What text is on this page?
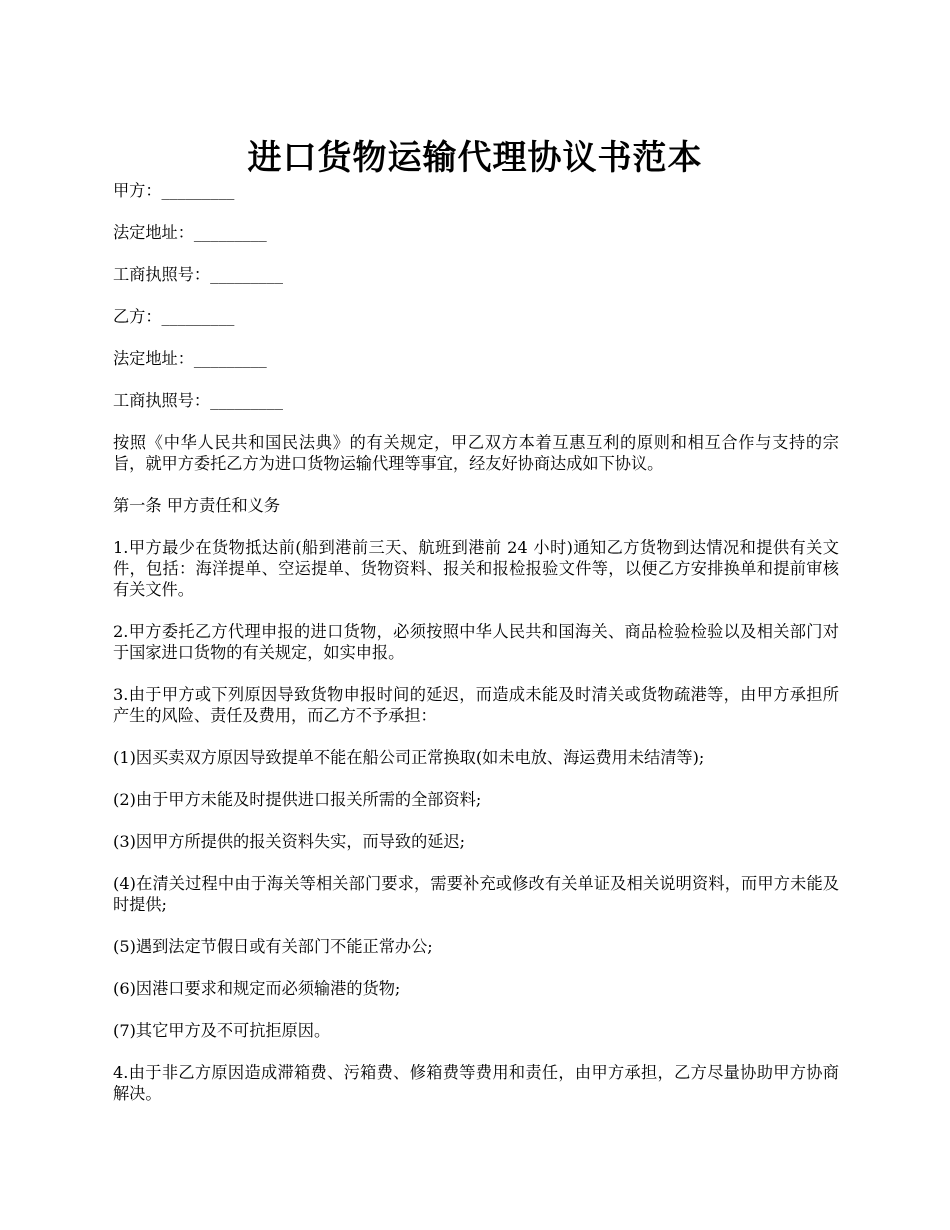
进口货物运输代理协议书范本

甲方：_________

法定地址：_________

工商执照号：_________

乙方：_________

法定地址：_________

工商执照号：_________

按照《中华人民共和国民法典》的有关规定，甲乙双方本着互惠互利的原则和相互合作与支持的宗旨，就甲方委托乙方为进口货物运输代理等事宜，经友好协商达成如下协议。

第一条 甲方责任和义务

1.甲方最少在货物抵达前(船到港前三天、航班到港前 24 小时)通知乙方货物到达情况和提供有关文件，包括：海洋提单、空运提单、货物资料、报关和报检报验文件等，以便乙方安排换单和提前审核有关文件。

2.甲方委托乙方代理申报的进口货物，必须按照中华人民共和国海关、商品检验检验以及相关部门对于国家进口货物的有关规定，如实申报。

3.由于甲方或下列原因导致货物申报时间的延迟，而造成未能及时清关或货物疏港等，由甲方承担所产生的风险、责任及费用，而乙方不予承担：

(1)因买卖双方原因导致提单不能在船公司正常换取(如未电放、海运费用未结清等);

(2)由于甲方未能及时提供进口报关所需的全部资料;

(3)因甲方所提供的报关资料失实，而导致的延迟;

(4)在清关过程中由于海关等相关部门要求，需要补充或修改有关单证及相关说明资料，而甲方未能及时提供;

(5)遇到法定节假日或有关部门不能正常办公;

(6)因港口要求和规定而必须输港的货物;

(7)其它甲方及不可抗拒原因。

4.由于非乙方原因造成滞箱费、污箱费、修箱费等费用和责任，由甲方承担，乙方尽量协助甲方协商解决。
